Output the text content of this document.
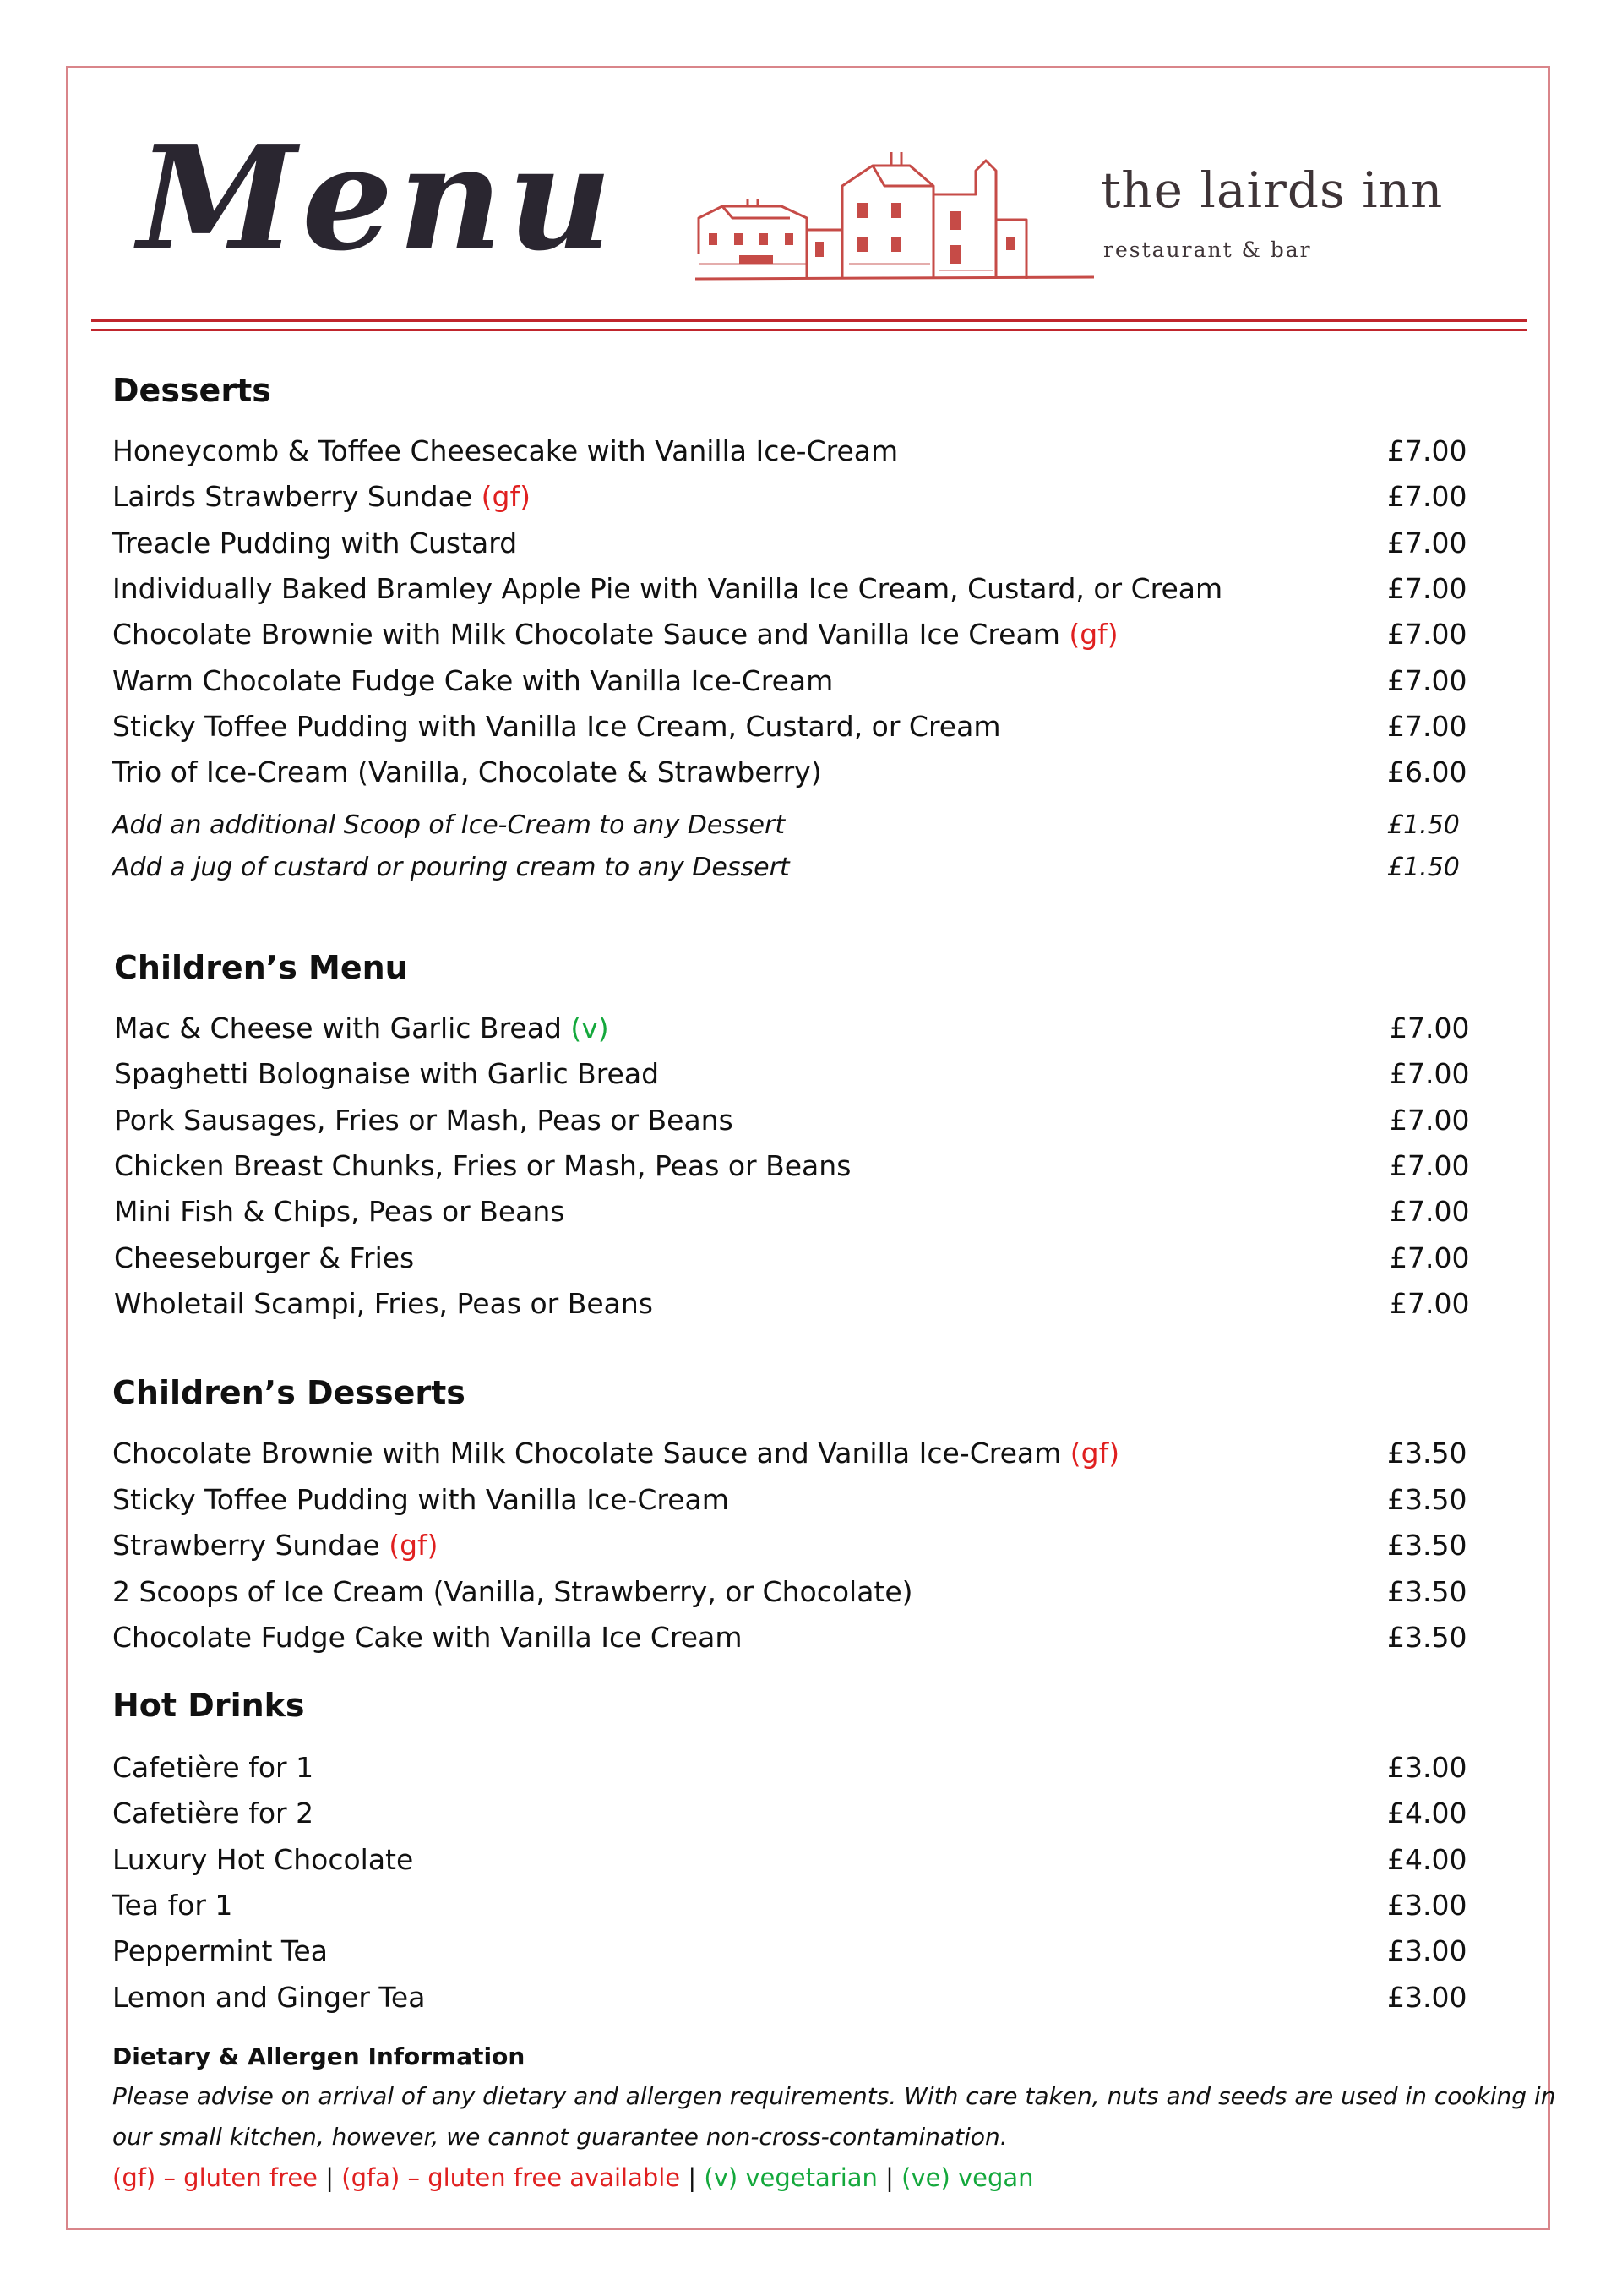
Menu	the lairds inn
restaurant & bar
Desserts
Honeycomb & Toffee Cheesecake with Vanilla Ice-Cream	£7.00
Lairds Strawberry Sundae (gf)	£7.00
Treacle Pudding with Custard	£7.00
Individually Baked Bramley Apple Pie with Vanilla Ice Cream, Custard, or Cream	£7.00
Chocolate Brownie with Milk Chocolate Sauce and Vanilla Ice Cream (gf)	£7.00
Warm Chocolate Fudge Cake with Vanilla Ice-Cream	£7.00
Sticky Toffee Pudding with Vanilla Ice Cream, Custard, or Cream	£7.00
Trio of Ice-Cream (Vanilla, Chocolate & Strawberry)	£6.00
Add an additional Scoop of Ice-Cream to any Dessert	£1.50
Add a jug of custard or pouring cream to any Dessert	£1.50
Children’s Menu
Mac & Cheese with Garlic Bread (v)	£7.00
Spaghetti Bolognaise with Garlic Bread	£7.00
Pork Sausages, Fries or Mash, Peas or Beans	£7.00
Chicken Breast Chunks, Fries or Mash, Peas or Beans	£7.00
Mini Fish & Chips, Peas or Beans	£7.00
Cheeseburger & Fries	£7.00
Wholetail Scampi, Fries, Peas or Beans	£7.00
Children’s Desserts
Chocolate Brownie with Milk Chocolate Sauce and Vanilla Ice-Cream (gf)	£3.50
Sticky Toffee Pudding with Vanilla Ice-Cream	£3.50
Strawberry Sundae (gf)	£3.50
2 Scoops of Ice Cream (Vanilla, Strawberry, or Chocolate)	£3.50
Chocolate Fudge Cake with Vanilla Ice Cream	£3.50
Hot Drinks
Cafetière for 1	£3.00
Cafetière for 2	£4.00
Luxury Hot Chocolate	£4.00
Tea for 1	£3.00
Peppermint Tea	£3.00
Lemon and Ginger Tea	£3.00
Dietary & Allergen Information
Please advise on arrival of any dietary and allergen requirements. With care taken, nuts and seeds are used in cooking in
our small kitchen, however, we cannot guarantee non-cross-contamination.
(gf) – gluten free | (gfa) – gluten free available | (v) vegetarian | (ve) vegan
